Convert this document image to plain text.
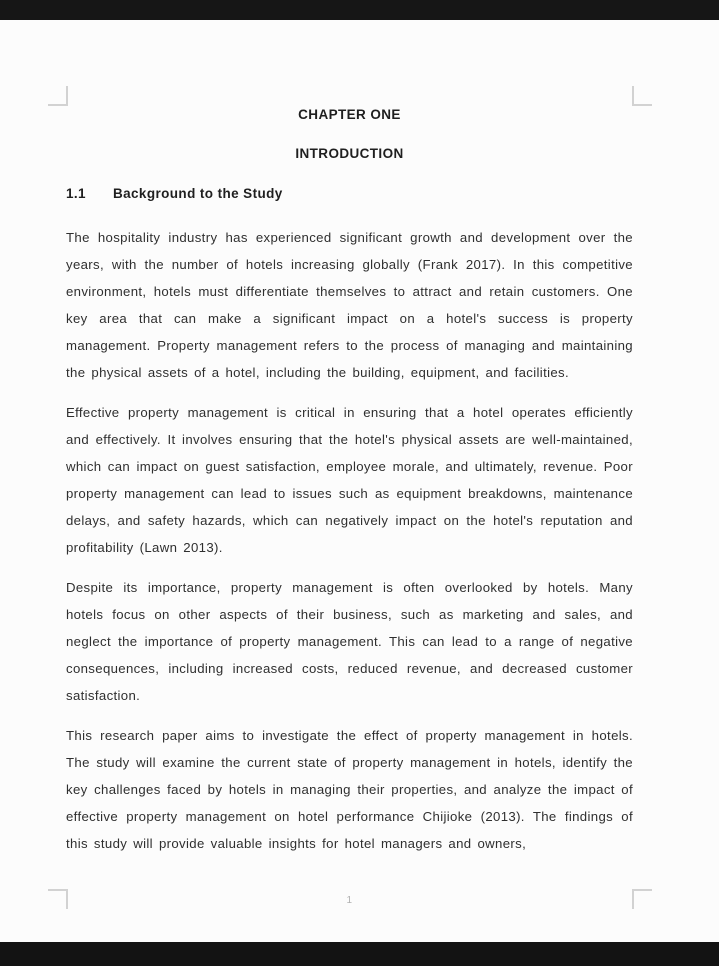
CHAPTER ONE
INTRODUCTION
1.1 Background to the Study

The hospitality industry has experienced significant growth and development over the years, with the number of hotels increasing globally (Frank 2017). In this competitive environment, hotels must differentiate themselves to attract and retain customers. One key area that can make a significant impact on a hotel's success is property management. Property management refers to the process of managing and maintaining the physical assets of a hotel, including the building, equipment, and facilities.

Effective property management is critical in ensuring that a hotel operates efficiently and effectively. It involves ensuring that the hotel's physical assets are well-maintained, which can impact on guest satisfaction, employee morale, and ultimately, revenue. Poor property management can lead to issues such as equipment breakdowns, maintenance delays, and safety hazards, which can negatively impact on the hotel's reputation and profitability (Lawn 2013).

Despite its importance, property management is often overlooked by hotels. Many hotels focus on other aspects of their business, such as marketing and sales, and neglect the importance of property management. This can lead to a range of negative consequences, including increased costs, reduced revenue, and decreased customer satisfaction.

This research paper aims to investigate the effect of property management in hotels. The study will examine the current state of property management in hotels, identify the key challenges faced by hotels in managing their properties, and analyze the impact of effective property management on hotel performance Chijioke (2013). The findings of this study will provide valuable insights for hotel managers and owners,

1
